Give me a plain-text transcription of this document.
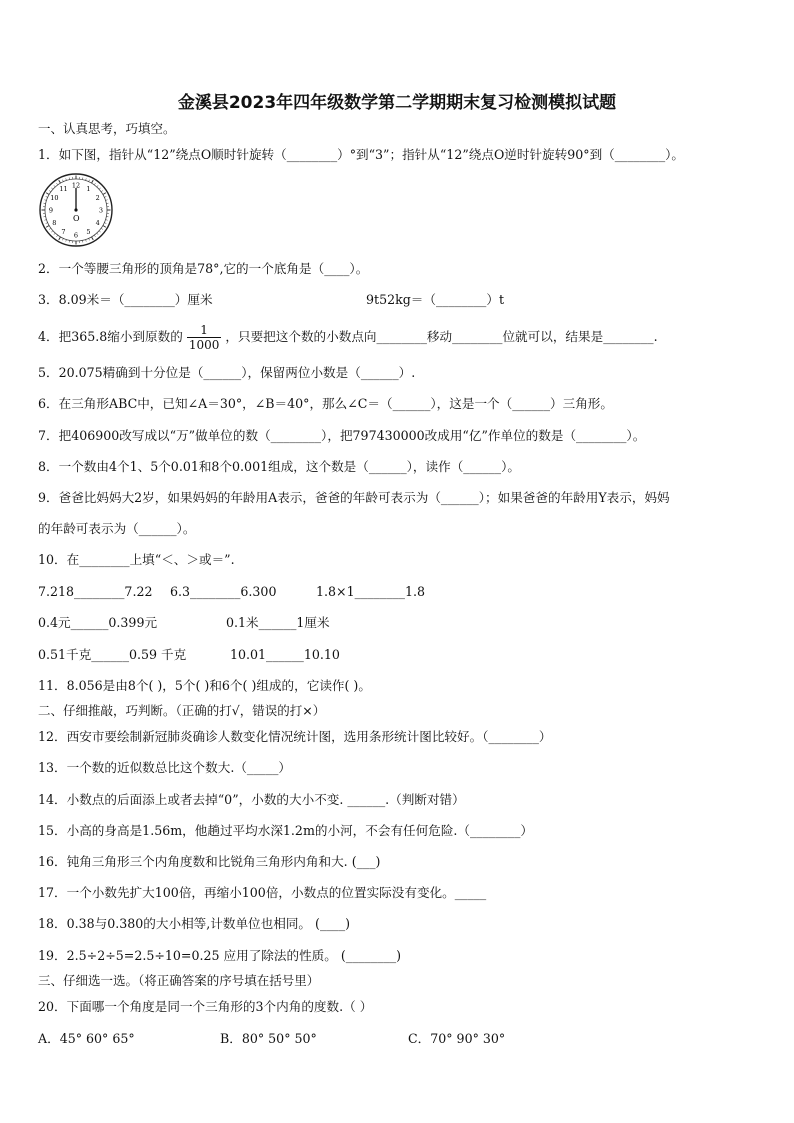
金溪县2023年四年级数学第二学期期末复习检测模拟试题
一、认真思考，巧填空。
1．如下图，指针从“12”绕点O顺时针旋转（________）°到“3”；指针从“12”绕点O逆时针旋转90°到（________）。
12 1
2
3
4
5
6
7
8
9
10
11
O
2．一个等腰三角形的顶角是78°,它的一个底角是（____）。
3．8.09米＝（________）厘米	9t52kg＝（________）t
4．把365.8缩小到原数的 $\frac{1}{1000}$ ，只要把这个数的小数点向________移动________位就可以，结果是________.
5．20.075精确到十分位是（______），保留两位小数是（______）.
6．在三角形ABC中，已知∠A＝30°，∠B＝40°，那么∠C＝（______），这是一个（______）三角形。
7．把406900改写成以“万”做单位的数（________），把797430000改成用“亿”作单位的数是（________）。
8．一个数由4个1、5个0.01和8个0.001组成，这个数是（______），读作（______）。
9．爸爸比妈妈大2岁，如果妈妈的年龄用A表示，爸爸的年龄可表示为（______）；如果爸爸的年龄用Y表示，妈妈
的年龄可表示为（______）。
10．在________上填“＜、＞或＝”.
7.218________7.22 6.3________6.300	1.8×1________1.8
0.4元______0.399元	0.1米______1厘米
0.51千克______0.59 千克	10.01______10.10
11．8.056是由8个( )，5个( )和6个( )组成的，它读作( )。
二、仔细推敲，巧判断。（正确的打√，错误的打×）
12．西安市要绘制新冠肺炎确诊人数变化情况统计图，选用条形统计图比较好。（________）
13．一个数的近似数总比这个数大.（_____）
14．小数点的后面添上或者去掉“0”，小数的大小不变. ______.（判断对错）
15．小高的身高是1.56m，他趟过平均水深1.2m的小河，不会有任何危险.（________）
16．钝角三角形三个内角度数和比锐角三角形内角和大. (___)
17．一个小数先扩大100倍，再缩小100倍，小数点的位置实际没有变化。_____
18．0.38与0.380的大小相等,计数单位也相同。 (____)
19．2.5÷2÷5=2.5÷10=0.25 应用了除法的性质。 (________)
三、仔细选一选。（将正确答案的序号填在括号里）
20．下面哪一个角度是同一个三角形的3个内角的度数.（ ）
A．45° 60° 65°	B．80° 50° 50°	C．70° 90° 30°
